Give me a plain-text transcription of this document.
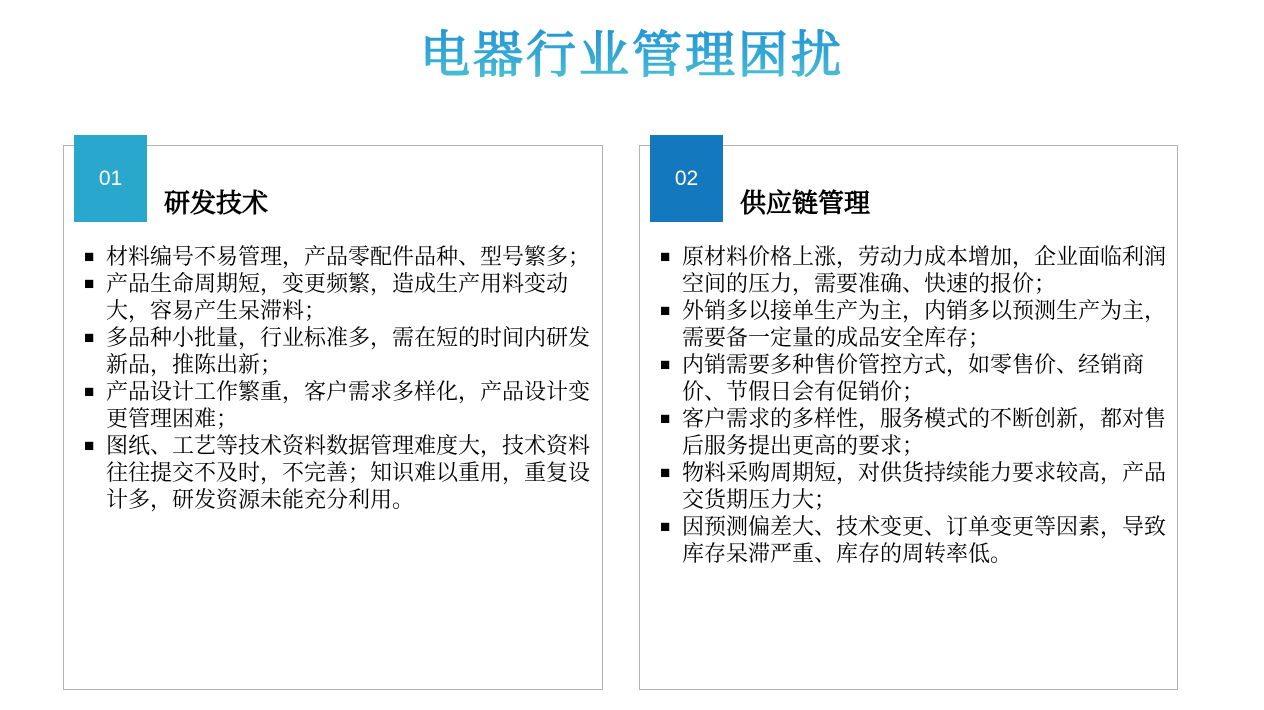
电器行业管理困扰
01
研发技术
■ 材料编号不易管理，产品零配件品种、型号繁多；
■ 产品生命周期短，变更频繁，造成生产用料变动大，容易产生呆滞料；
■ 多品种小批量，行业标准多，需在短的时间内研发新品，推陈出新；
■ 产品设计工作繁重，客户需求多样化，产品设计变更管理困难；
■ 图纸、工艺等技术资料数据管理难度大，技术资料往往提交不及时，不完善；知识难以重用，重复设计多，研发资源未能充分利用。
02
供应链管理
■ 原材料价格上涨，劳动力成本增加，企业面临利润空间的压力，需要准确、快速的报价；
■ 外销多以接单生产为主，内销多以预测生产为主，需要备一定量的成品安全库存；
■ 内销需要多种售价管控方式，如零售价、经销商价、节假日会有促销价；
■ 客户需求的多样性，服务模式的不断创新，都对售后服务提出更高的要求；
■ 物料采购周期短，对供货持续能力要求较高，产品交货期压力大；
■ 因预测偏差大、技术变更、订单变更等因素，导致库存呆滞严重、库存的周转率低。
